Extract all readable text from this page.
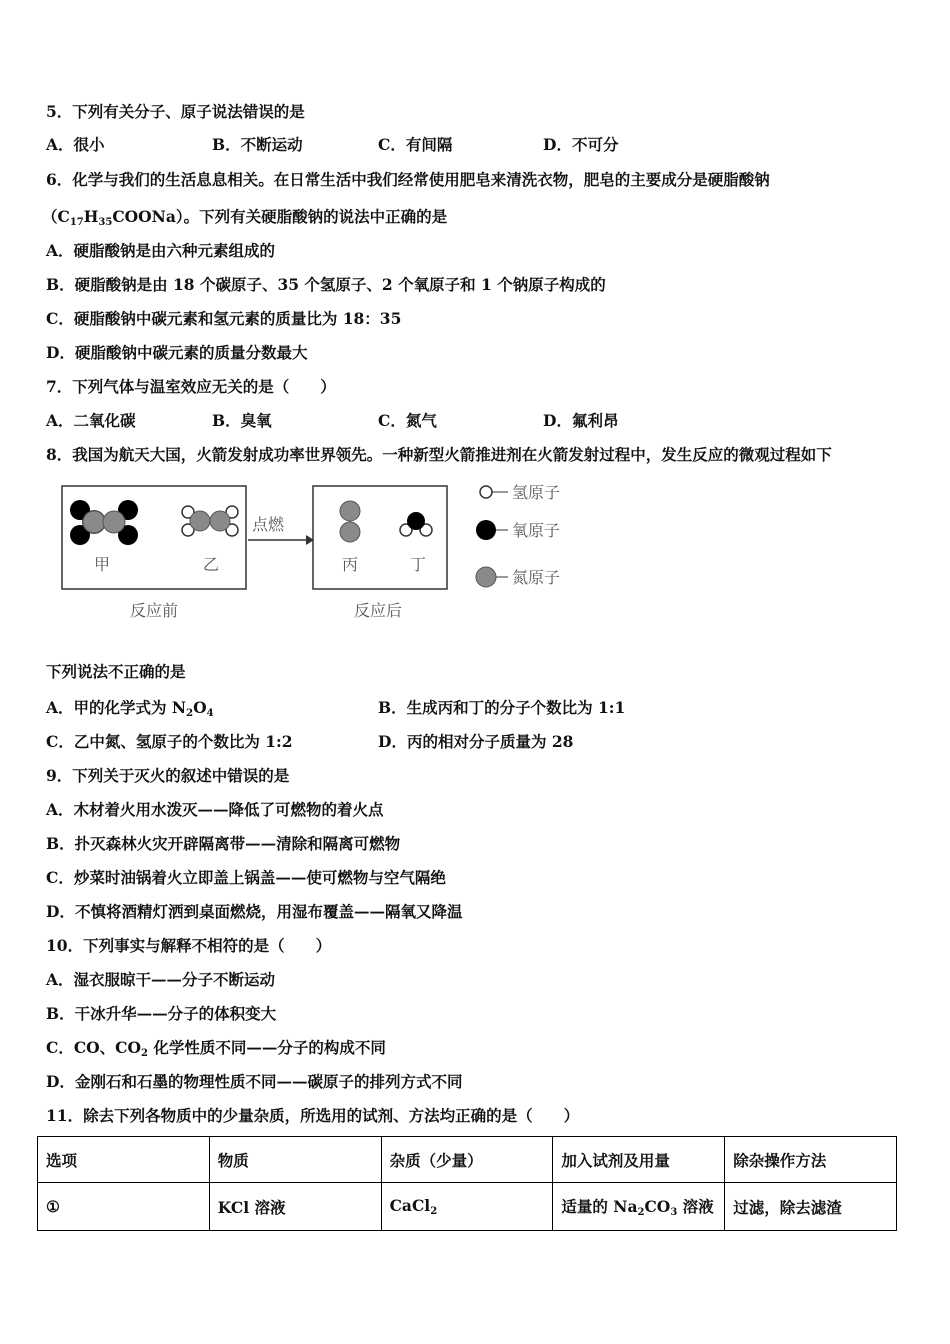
5．下列有关分子、原子说法错误的是
A．很小	B．不断运动	C．有间隔	D．不可分
6．化学与我们的生活息息相关。在日常生活中我们经常使用肥皂来清洗衣物，肥皂的主要成分是硬脂酸钠
$(C_{17}H_{35}COONa)$。下列有关硬脂酸钠的说法中正确的是
A．硬脂酸钠是由六种元素组成的
B．硬脂酸钠是由 18 个碳原子、35 个氢原子、2 个氧原子和 1 个钠原子构成的
C．硬脂酸钠中碳元素和氢元素的质量比为 18：35
D．硬脂酸钠中碳元素的质量分数最大
7．下列气体与温室效应无关的是（　　）
A．二氧化碳	B．臭氧	C．氮气	D．氟利昂
8．我国为航天大国，火箭发射成功率世界领先。一种新型火箭推进剂在火箭发射过程中，发生反应的微观过程如下
甲	乙
点燃
丙	丁
反应前	反应后
氢原子
氧原子
氮原子
下列说法不正确的是
A．甲的化学式为 $N_2O_4$	B．生成丙和丁的分子个数比为 1:1
C．乙中氮、氢原子的个数比为 1:2	D．丙的相对分子质量为 28
9．下列关于灭火的叙述中错误的是
A．木材着火用水泼灭——降低了可燃物的着火点
B．扑灭森林火灾开辟隔离带——清除和隔离可燃物
C．炒菜时油锅着火立即盖上锅盖——使可燃物与空气隔绝
D．不慎将酒精灯洒到桌面燃烧，用湿布覆盖——隔氧又降温
10．下列事实与解释不相符的是（　　）
A．湿衣服晾干——分子不断运动
B．干冰升华——分子的体积变大
C．CO、$CO_2$ 化学性质不同——分子的构成不同
D．金刚石和石墨的物理性质不同——碳原子的排列方式不同
11．除去下列各物质中的少量杂质，所选用的试剂、方法均正确的是（　　）
选项	物质	杂质（少量）	加入试剂及用量	除杂操作方法
①	KCl 溶液	CaCl$_2$	适量的 $Na_2CO_3$ 溶液	过滤，除去滤渣
